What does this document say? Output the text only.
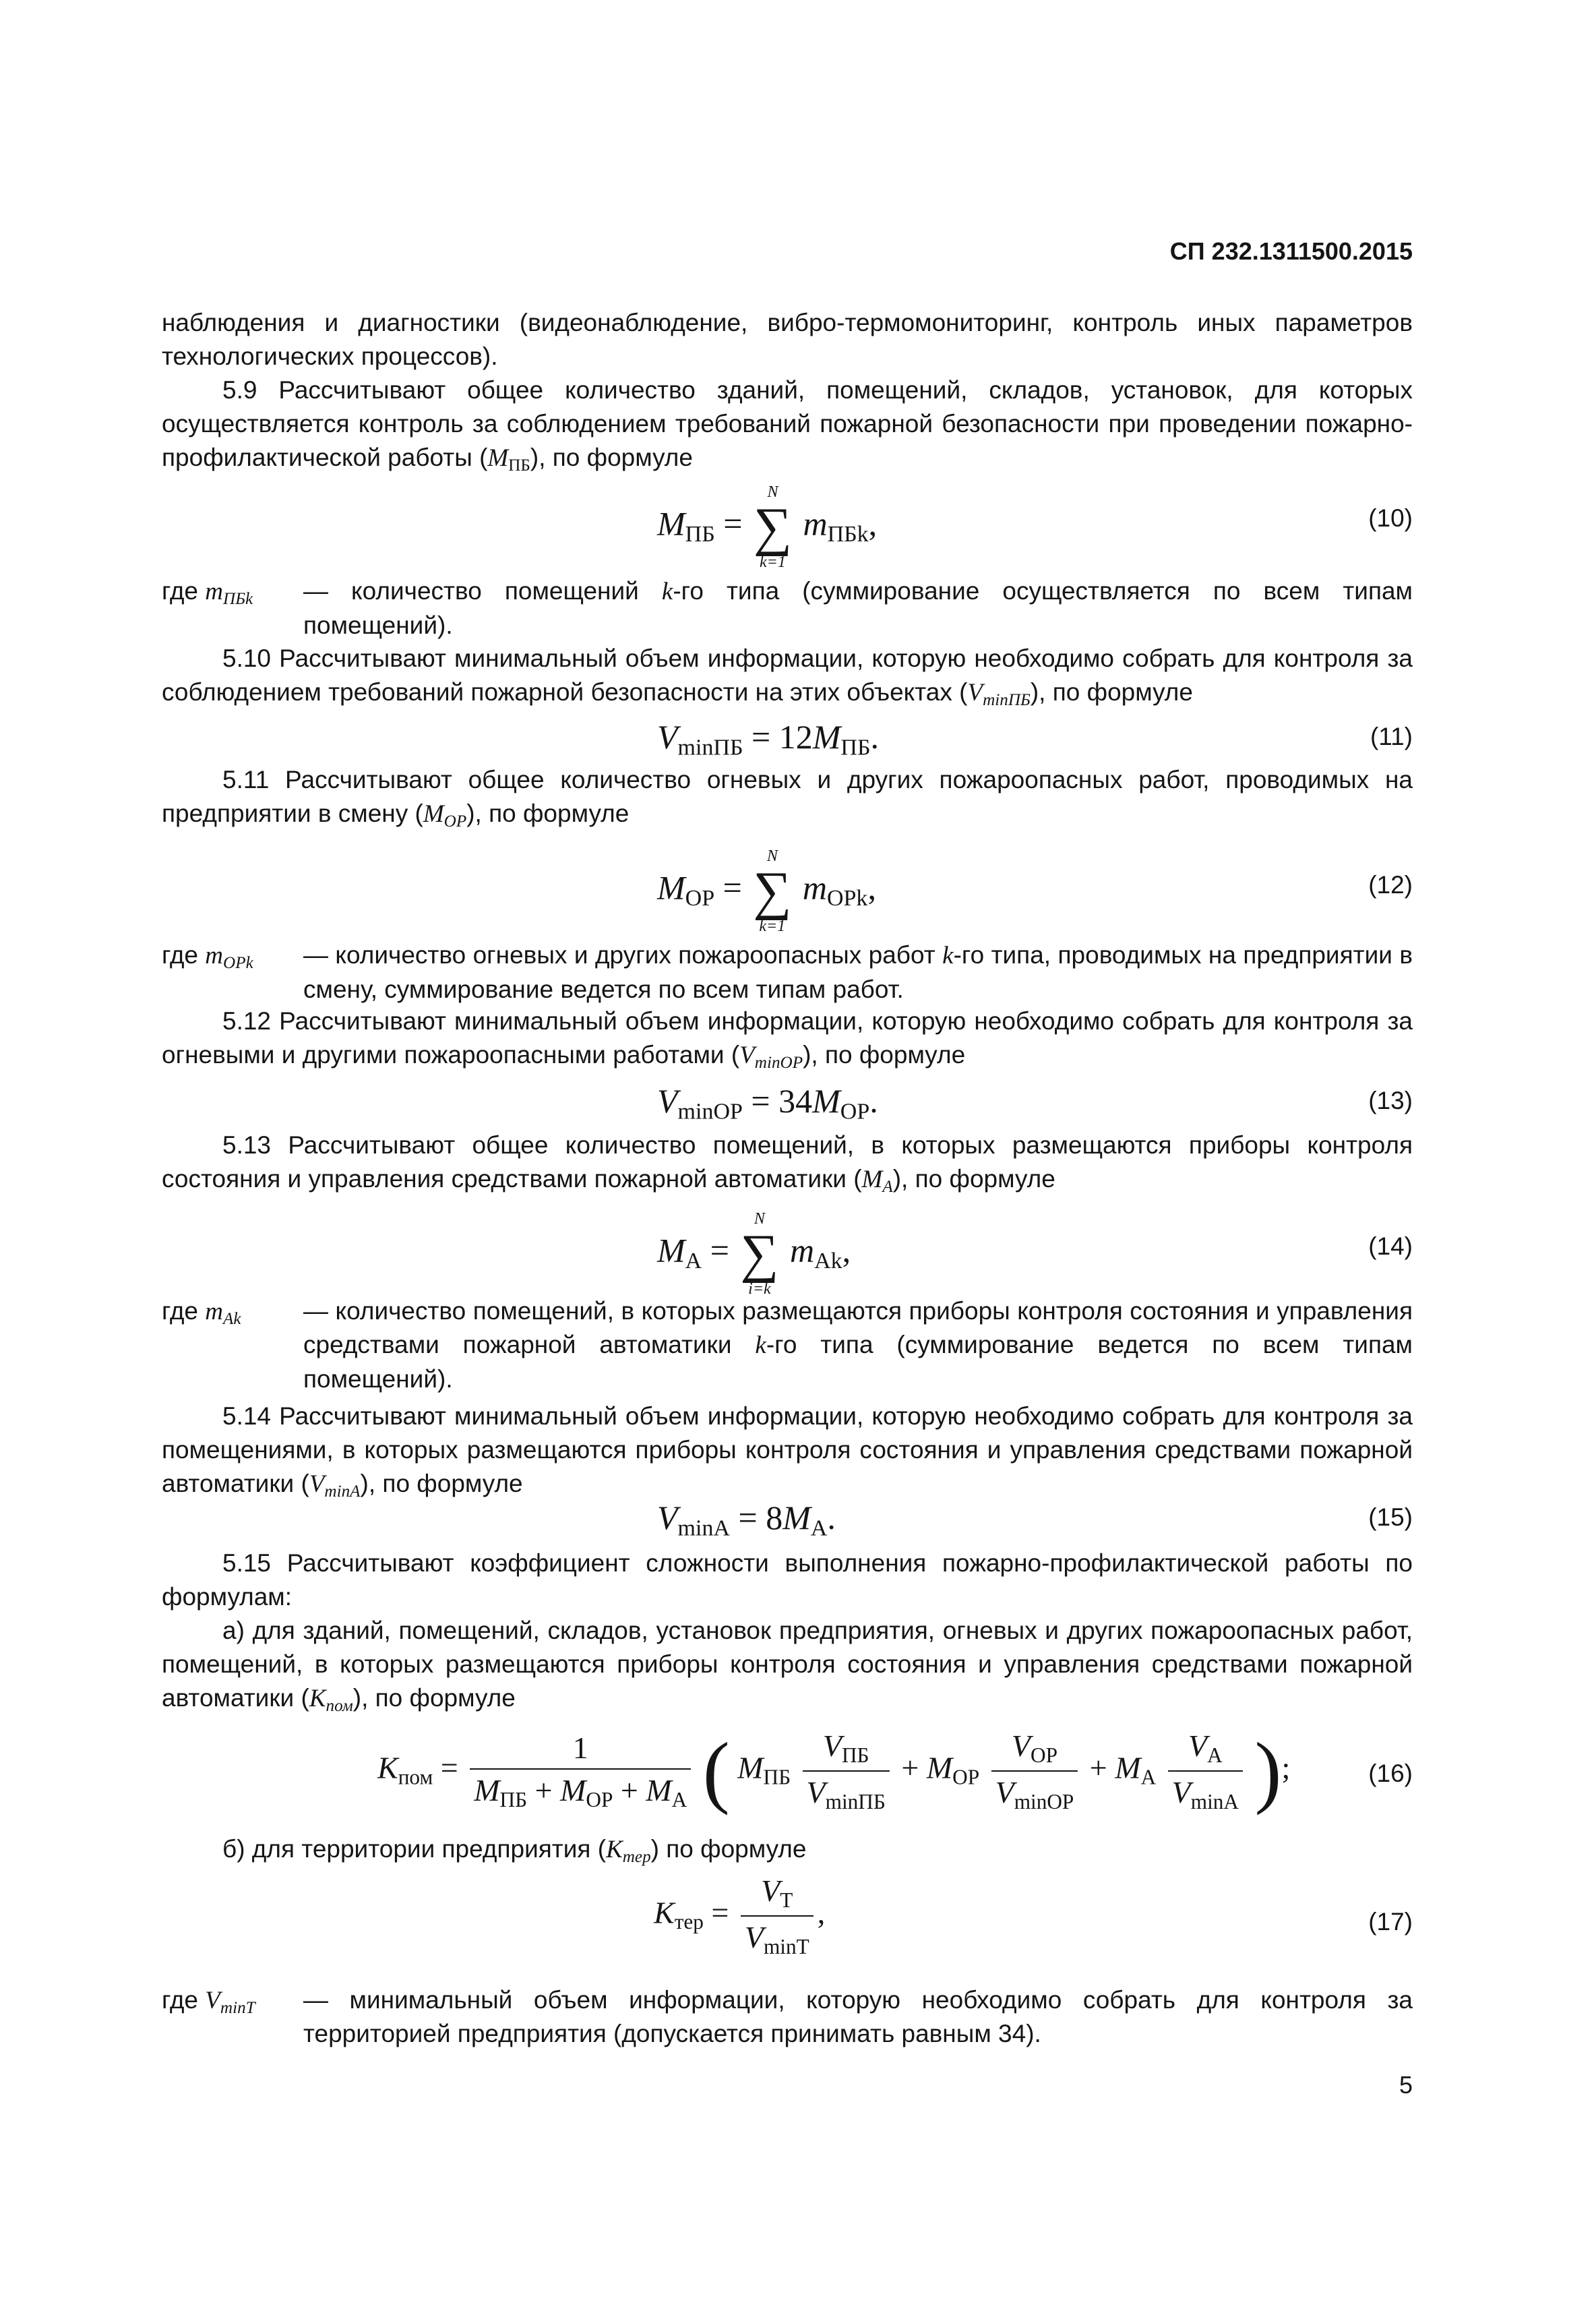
СП 232.1311500.2015

наблюдения и диагностики (видеонаблюдение, вибро-термомониторинг, контроль иных параметров технологических процессов).

5.9 Рассчитывают общее количество зданий, помещений, складов, установок, для которых осуществляется контроль за соблюдением требований пожарной безопасности при проведении пожарно-профилактической работы $(M_{ПБ})$, по формуле

$M_{ПБ}$ =
N
∑
k=1
$m_{ПБk}$,	(10)
где $m_{ПБk}$ — количество помещений k-го типа (суммирование осуществляется по всем типам помещений).

5.10 Рассчитывают минимальный объем информации, которую необходимо собрать для контроля за соблюдением требований пожарной безопасности на этих объектах $(V_{minПБ})$, по формуле

$V_{minПБ} = 12M_{ПБ}$.	(11)

5.11 Рассчитывают общее количество огневых и других пожароопасных работ, проводимых на предприятии в смену $(M_{ОР})$, по формуле

$M_{ОР}$ =
N
∑
k=1
$m_{ОРk}$,	(12)
где $m_{ОРk}$ — количество огневых и других пожароопасных работ k-го типа, проводимых на предприятии в смену, суммирование ведется по всем типам работ.

5.12 Рассчитывают минимальный объем информации, которую необходимо собрать для контроля за огневыми и другими пожароопасными работами $(V_{minОР})$, по формуле

$V_{minОР} = 34M_{ОР}$.	(13)

5.13 Рассчитывают общее количество помещений, в которых размещаются приборы контроля состояния и управления средствами пожарной автоматики $(M_А)$, по формуле

$M_А$ =
N
∑
i=k
$m_{Аk}$,	(14)
где $m_{Аk}$ — количество помещений, в которых размещаются приборы контроля состояния и управления средствами пожарной автоматики k-го типа (суммирование ведется по всем типам помещений).

5.14 Рассчитывают минимальный объем информации, которую необходимо собрать для контроля за помещениями, в которых размещаются приборы контроля состояния и управления средствами пожарной автоматики $(V_{minА})$, по формуле

$V_{minА} = 8M_А$.	(15)

5.15 Рассчитывают коэффициент сложности выполнения пожарно-профилактической работы по формулам:

а) для зданий, помещений, складов, установок предприятия, огневых и других пожароопасных работ, помещений, в которых размещаются приборы контроля состояния и управления средствами пожарной автоматики $(K_{пом})$, по формуле

$K_{пом} = \frac{1}{M_{ПБ} + M_{ОР} + M_А}$ ( $M_{ПБ} \frac{V_{ПБ}}{V_{minПБ}} + M_{ОР} \frac{V_{ОР}}{V_{minОР}} + M_А \frac{V_А}{V_{minА}}$ );	(16)

б) для территории предприятия $(K_{тер})$ по формуле

$K_{тер} = \frac{V_Т}{V_{minТ}}$ ,	(17)
где $V_{minТ}$ — минимальный объем информации, которую необходимо собрать для контроля за территорией предприятия (допускается принимать равным 34).
5
